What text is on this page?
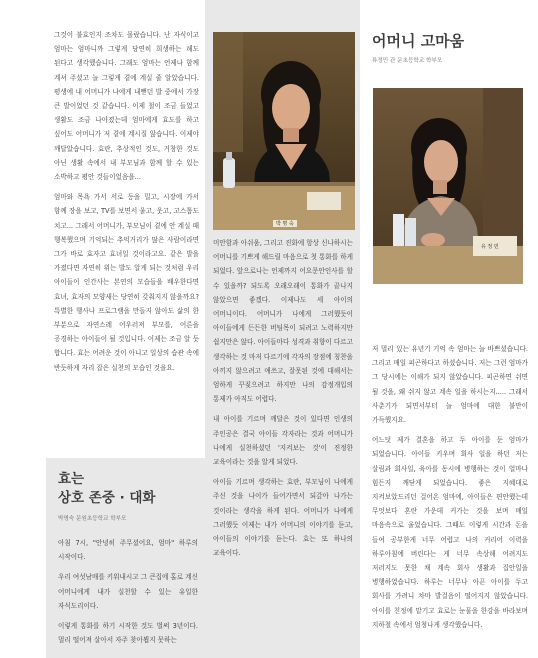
그것이 불효인지 조차도 몰랐습니다. 난 자식이고 엄마는 엄마니까 그렇게 당연히 희생하는 해도 된다고 생각했습니다. 그래도 엄마는 언제나 함께 계셔 주셨고 늘 그렇게 곁에 계실 줄 알았습니다. 평생에 내 어머니가 나에게 내뻗던 발 중에서 가장 큰 발이었던 것 같습니다. 이제 철이 조금 들었고 생활도 조금 나아졌는데 엄마에게 효도를 하고 싶어도 어머니가 저 곁에 계시질 않습니다. 이제야 깨달았습니다. 효란, 추상적인 것도, 거창한 것도 아닌 생활 속에서 내 부모님과 함께 할 수 있는 소박하고 평안 것들이었음을...

엄마와 목욕 가서 서로 등을 밀고, 시장에 가서 함께 장을 보고, TV를 보면서 울고, 웃고, 고스톱도 치고... 그래서 어머니가, 부모님이 곁에 안 계실 때 행복했으며 기억되는 추억거리가 많은 사람이라면 그가 바로 효자고 효녀일 것이라고요. 같은 발을 가졌다면 자연히 위는 발도 알게 되는 것처럼 우리 아이들이 인간사는 본연의 모습들을 배우한다면 효녀, 효자의 모양새는 당연히 갖춰지지 않을까요? 특별한 행사나 프로그램을 만들지 않아도 삶의 한 부분으로 자연스레 어우러져 부모를, 어른을 공경하는 아이들이 될 것입니다. 이제는 조금 알 듯 합니다. 효는 어려운 것이 아니고 일상의 습관 속에 반듯하게 자리 잡은 실천의 모습인 것을요.

효는
상호 존중 · 대화
박명숙 문원초등학교 학부모

아침 7시, "안녕히 주무셨어요, 엄마" 하루의 시작이다.

우리 여섯남매를 키워내시고 그 큰집에 홀로 계신 어머니에게 내가 실천할 수 있는 유일한 자식도리이다.

이렇게 통화를 하기 시작한 것도 벌써 3년이다. 멀리 떨어져 살아서 자주 찾아뵙지 못하는

박 명 숙

미안함과 아쉬움, 그리고 진화에 항상 신나하시는 어머니를 기쁘게 해드릴 마음으로 첫 통화를 하게 되었다. 앞으로나는 언제까지 어요문안인사를 할 수 있을까? 되도록 오래오래이 통화가 끝나지 않았으면 좋겠다. 이제나도 세 아이의 어머니이다. 어머니가 나에게 그러했듯이 아이들에게 든든한 버팀목이 되려고 노력하지만 쉽지만은 않다. 아이들마다 성격과 취향이 다르고 생각하는 것 마저 다르기에 각자의 장점에 칭찬을 아끼지 않으려고 애쓰고, 잘못된 것에 대해서는 엄하게 꾸짖으려고 하지만 나의 감정개입의 통제가 아직도 어렵다.

내 아이를 기르며 깨달은 것이 있다면 인생의 주인공은 결국 아이들 각자라는 것과 어머니가 나에게 실천하셨던 '지켜보는 것'이 진정한 교육이라는 것을 알게 되었다.

아이들 기르며 생각하는 효란, 부모님이 나에게 주신 것을 나이가 들어가면서 되갚아 나가는 것이라는 생각을 하게 된다. 어머니가 나에게 그러했듯 이제는 내가 어머니의 이야기를 듣고, 아이들의 이야기를 듣는다. 효는 또 하나의 교육이다.

어머니 고마움
류정민 관 문초등학교 학부모
유 정 민

저 멀리 있는 유년기 기억 속 엄마는 늘 바쁘셨습니다. 그리고 매일 피곤하다고 하셨습니다. 저는 그런 엄마가 그 당시에는 이해가 되지 않았습니다. 피곤하면 쉬면 될 것을, 왜 쉬지 않고 계속 일을 하시는지..... 그래서 사춘기가 되면서부터 늘 엄마에 대한 불만이 가득했지요.

어느덧 제가 결혼을 하고 두 아이를 둔 엄마가 되었습니다. 아이들 키우며 회사 일을 하던 저는 살림과 회사일, 육아를 동시에 병행하는 것이 얼마나 힘든지 깨닫게 되었습니다. 좋은 지혜대로 지켜보았드리던 걸어온 엄마에, 아이들은 편안했는데 무엇보다 혼란 가운데 커가는 것을 보며 매일 마음속으로 울었습니다. 그때도 이렇게 시간과 돈을 들여 공부한게 너무 어렵고 나의 커리어 이력을 하루아침에 버린다는 게 너무 속상해 어려지도 저러지도 못한 채 계속 회사 생활과 집안일을 병행하였습니다. 하루는 너무나 아픈 아이를 두고 회사를 가려니 차마 발걸음이 떨어지지 않았습니다. 아이를 친정에 맡기고 효로는 눈물을 한강을 바라보며 지하철 속에서 엄청나게 생각했습니다.
